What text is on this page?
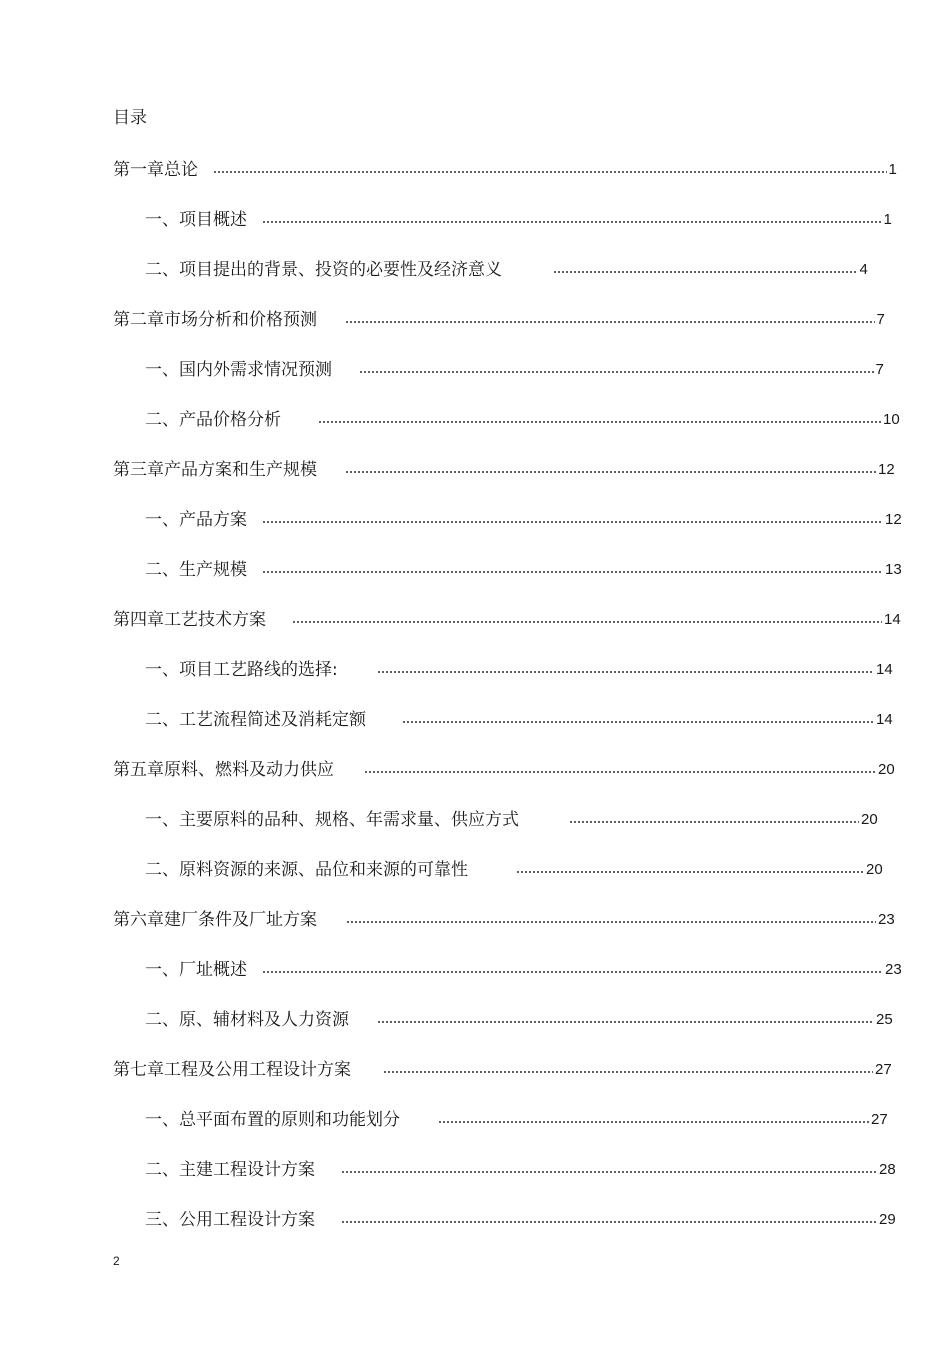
目录
第一章总论	1
一、项目概述	1
二、项目提出的背景、投资的必要性及经济意义	4
第二章市场分析和价格预测	7
一、国内外需求情况预测	7
二、产品价格分析	10
第三章产品方案和生产规模	12
一、产品方案	12
二、生产规模	13
第四章工艺技术方案	14
一、项目工艺路线的选择:	14
二、工艺流程简述及消耗定额	14
第五章原料、燃料及动力供应	20
一、主要原料的品种、规格、年需求量、供应方式	20
二、原料资源的来源、品位和来源的可靠性	20
第六章建厂条件及厂址方案	23
一、厂址概述	23
二、原、辅材料及人力资源	25
第七章工程及公用工程设计方案	27
一、总平面布置的原则和功能划分	27
二、主建工程设计方案	28
三、公用工程设计方案	29
2
